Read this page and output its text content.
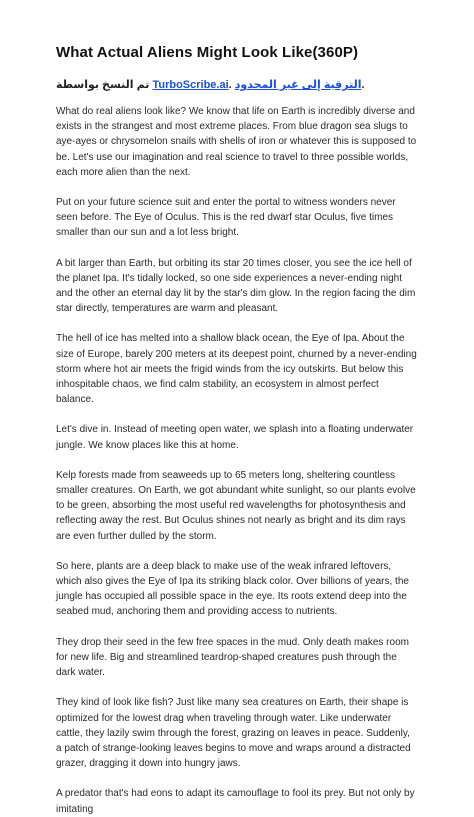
What Actual Aliens Might Look Like(360P)
تم النسخ بواسطة TurboScribe.ai. الترقية إلى غير المحدود.

What do real aliens look like? We know that life on Earth is incredibly diverse and exists in the strangest and most extreme places. From blue dragon sea slugs to aye-ayes or chrysomelon snails with shells of iron or whatever this is supposed to be. Let's use our imagination and real science to travel to three possible worlds, each more alien than the next.

Put on your future science suit and enter the portal to witness wonders never seen before. The Eye of Oculus. This is the red dwarf star Oculus, five times smaller than our sun and a lot less bright.

A bit larger than Earth, but orbiting its star 20 times closer, you see the ice hell of the planet Ipa. It's tidally locked, so one side experiences a never-ending night and the other an eternal day lit by the star's dim glow. In the region facing the dim star directly, temperatures are warm and pleasant.

The hell of ice has melted into a shallow black ocean, the Eye of Ipa. About the size of Europe, barely 200 meters at its deepest point, churned by a never-ending storm where hot air meets the frigid winds from the icy outskirts. But below this inhospitable chaos, we find calm stability, an ecosystem in almost perfect balance.

Let's dive in. Instead of meeting open water, we splash into a floating underwater jungle. We know places like this at home.

Kelp forests made from seaweeds up to 65 meters long, sheltering countless smaller creatures. On Earth, we got abundant white sunlight, so our plants evolve to be green, absorbing the most useful red wavelengths for photosynthesis and reflecting away the rest. But Oculus shines not nearly as bright and its dim rays are even further dulled by the storm.

So here, plants are a deep black to make use of the weak infrared leftovers, which also gives the Eye of Ipa its striking black color. Over billions of years, the jungle has occupied all possible space in the eye. Its roots extend deep into the seabed mud, anchoring them and providing access to nutrients.

They drop their seed in the few free spaces in the mud. Only death makes room for new life. Big and streamlined teardrop-shaped creatures push through the dark water.

They kind of look like fish? Just like many sea creatures on Earth, their shape is optimized for the lowest drag when traveling through water. Like underwater cattle, they lazily swim through the forest, grazing on leaves in peace. Suddenly, a patch of strange-looking leaves begins to move and wraps around a distracted grazer, dragging it down into hungry jaws.

A predator that's had eons to adapt its camouflage to fool its prey. But not only by imitating
